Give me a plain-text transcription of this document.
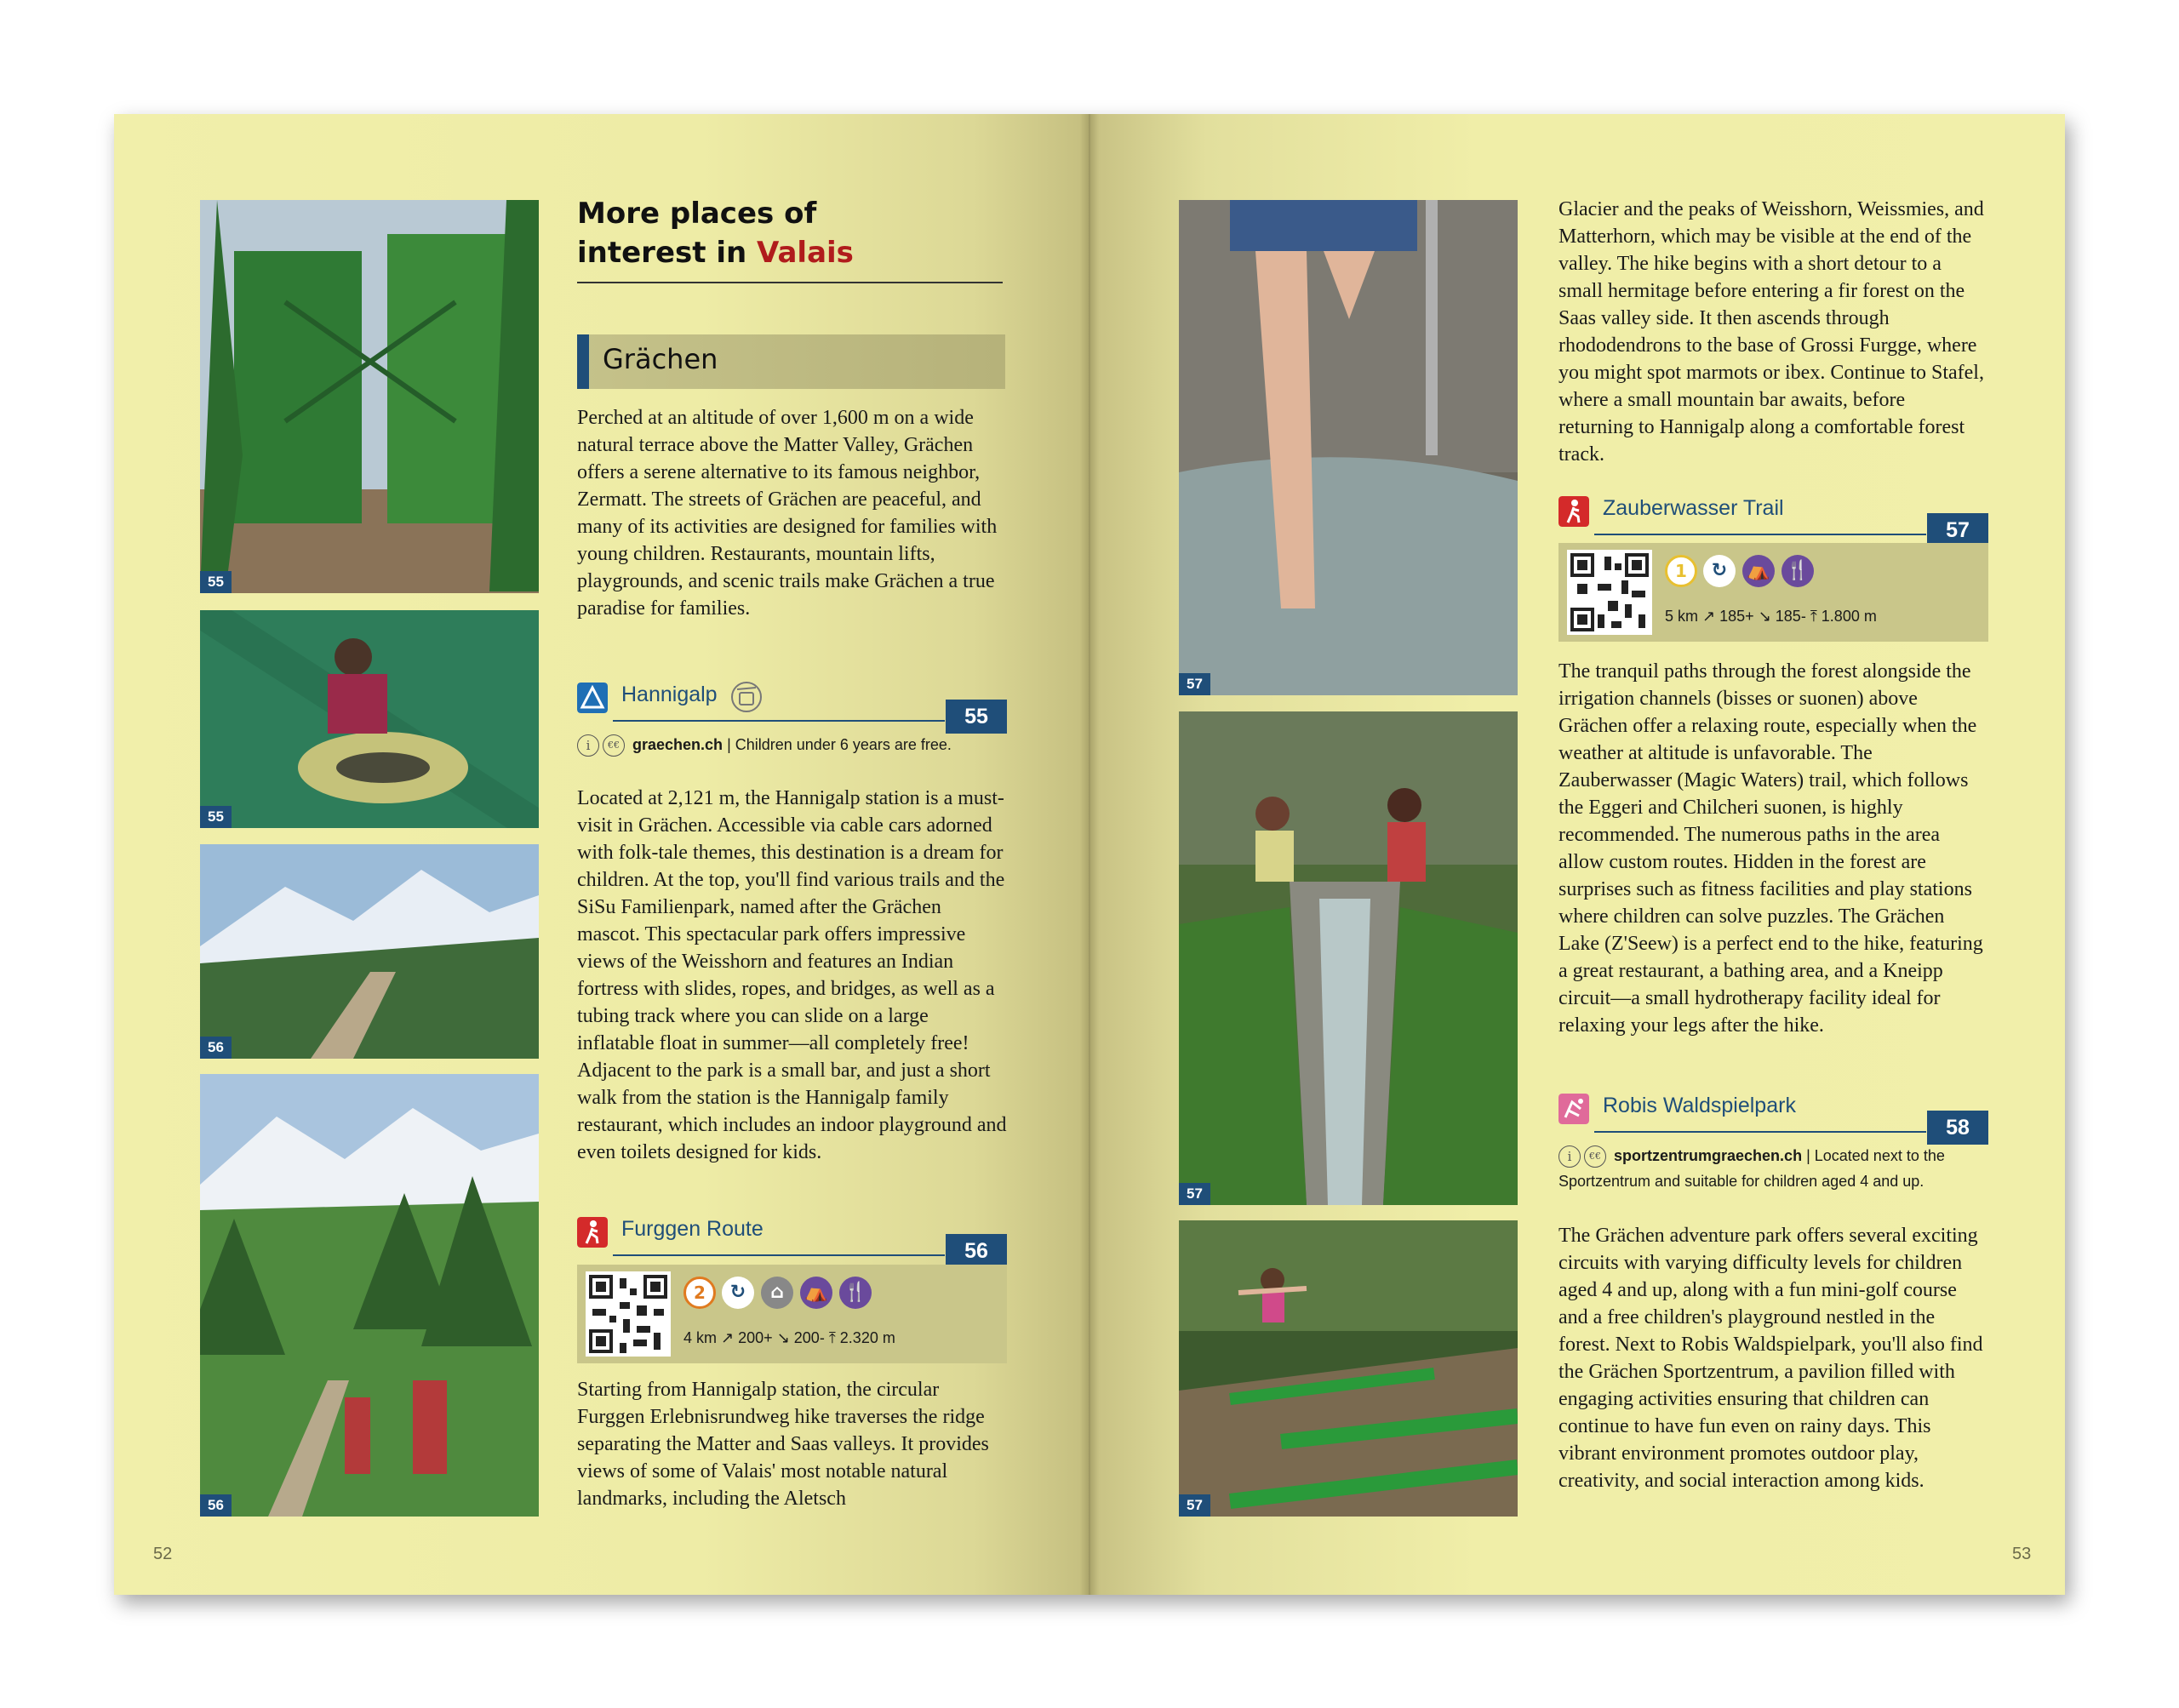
55
55
56
56
More places of
interest in Valais
Grächen

Perched at an altitude of over 1,600 m on a wide natural terrace above the Matter Valley, Grächen offers a serene alternative to its famous neighbor, Zermatt. The streets of Grächen are peaceful, and many of its activities are designed for families with young children. Restaurants, mountain lifts, playgrounds, and scenic trails make Grächen a true paradise for families.

Hannigalp
55
i €€ graechen.ch | Children under 6 years are free.

Located at 2,121 m, the Hannigalp station is a must-visit in Grächen. Accessible via cable cars adorned with folk-tale themes, this destination is a dream for children. At the top, you'll find various trails and the SiSu Familienpark, named after the Grächen mascot. This spectacular park offers impressive views of the Weisshorn and features an Indian fortress with slides, ropes, and bridges, as well as a tubing track where you can slide on a large inflatable float in summer—all completely free! Adjacent to the park is a small bar, and just a short walk from the station is the Hannigalp family restaurant, which includes an indoor playground and even toilets designed for kids.

Furggen Route
56
2	↻	⌂	⛺ 🍴
4 km ↗ 200+ ↘ 200- ⤒ 2.320 m

Starting from Hannigalp station, the circular Furggen Erlebnisrundweg hike traverses the ridge separating the Matter and Saas valleys. It provides views of some of Valais' most notable natural landmarks, including the Aletsch

52
57
57
57

Glacier and the peaks of Weisshorn, Weissmies, and Matterhorn, which may be visible at the end of the valley. The hike begins with a short detour to a small hermitage before entering a fir forest on the Saas valley side. It then ascends through rhododendrons to the base of Grossi Furgge, where you might spot marmots or ibex. Continue to Stafel, where a small mountain bar awaits, before returning to Hannigalp along a comfortable forest track.

Zauberwasser Trail
57
1	↻	⛺ 🍴
5 km ↗ 185+ ↘ 185- ⤒ 1.800 m

The tranquil paths through the forest alongside the irrigation channels (bisses or suonen) above Grächen offer a relaxing route, especially when the weather at altitude is unfavorable. The Zauberwasser (Magic Waters) trail, which follows the Eggeri and Chilcheri suonen, is highly recommended. The numerous paths in the area allow custom routes. Hidden in the forest are surprises such as fitness facilities and play stations where children can solve puzzles. The Grächen Lake (Z'Seew) is a perfect end to the hike, featuring a great restaurant, a bathing area, and a Kneipp circuit—a small hydrotherapy facility ideal for relaxing your legs after the hike.

Robis Waldspielpark
58
i €€ sportzentrumgraechen.ch | Located next to the Sportzentrum and suitable for children aged 4 and up.

The Grächen adventure park offers several exciting circuits with varying difficulty levels for children aged 4 and up, along with a fun mini-golf course and a free children's playground nestled in the forest. Next to Robis Waldspielpark, you'll also find the Grächen Sportzentrum, a pavilion filled with engaging activities ensuring that children can continue to have fun even on rainy days. This vibrant environment promotes outdoor play, creativity, and social interaction among kids.

53
